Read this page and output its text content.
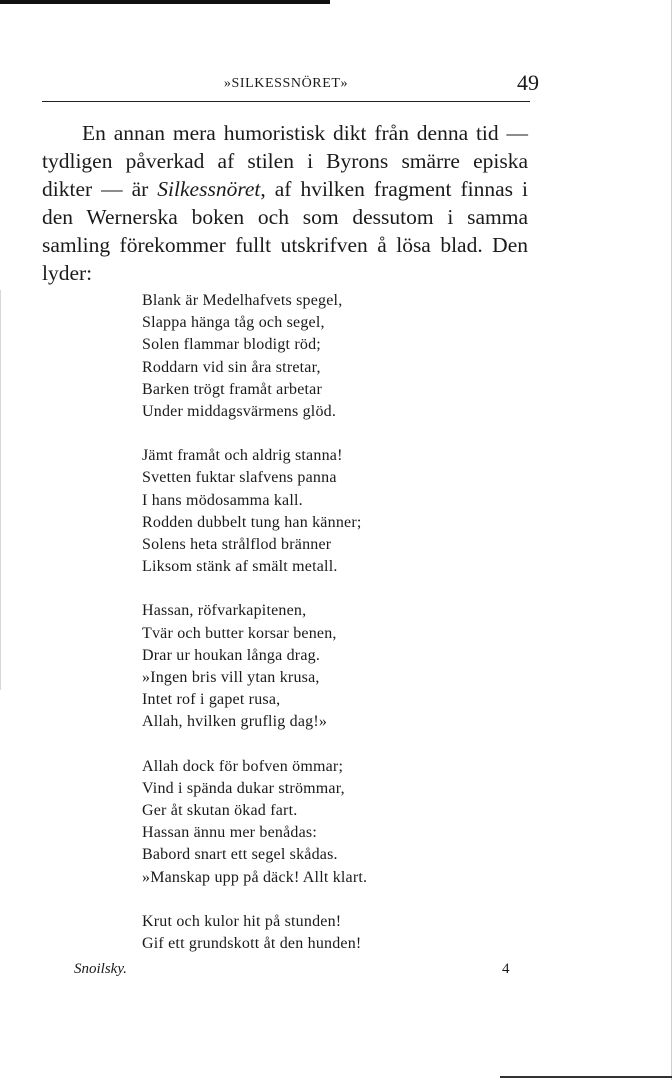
»SILKESSNÖRET»	49

En annan mera humoristisk dikt från denna tid — tydligen påverkad af stilen i Byrons smärre episka dikter — är Silkessnöret, af hvilken fragment finnas i den Wernerska boken och som dessutom i samma samling förekommer fullt utskrifven å lösa blad. Den lyder:

Blank är Medelhafvets spegel,
Slappa hänga tåg och segel,
Solen flammar blodigt röd;
Roddarn vid sin åra stretar,
Barken trögt framåt arbetar
Under middagsvärmens glöd.
Jämt framåt och aldrig stanna!
Svetten fuktar slafvens panna
I hans mödosamma kall.
Rodden dubbelt tung han känner;
Solens heta strålflod bränner
Liksom stänk af smält metall.
Hassan, röfvarkapitenen,
Tvär och butter korsar benen,
Drar ur houkan långa drag.
»Ingen bris vill ytan krusa,
Intet rof i gapet rusa,
Allah, hvilken gruflig dag!»
Allah dock för bofven ömmar;
Vind i spända dukar strömmar,
Ger åt skutan ökad fart.
Hassan ännu mer benådas:
Babord snart ett segel skådas.
»Manskap upp på däck! Allt klart.
Krut och kulor hit på stunden!
Gif ett grundskott åt den hunden!
Snoilsky.	4
